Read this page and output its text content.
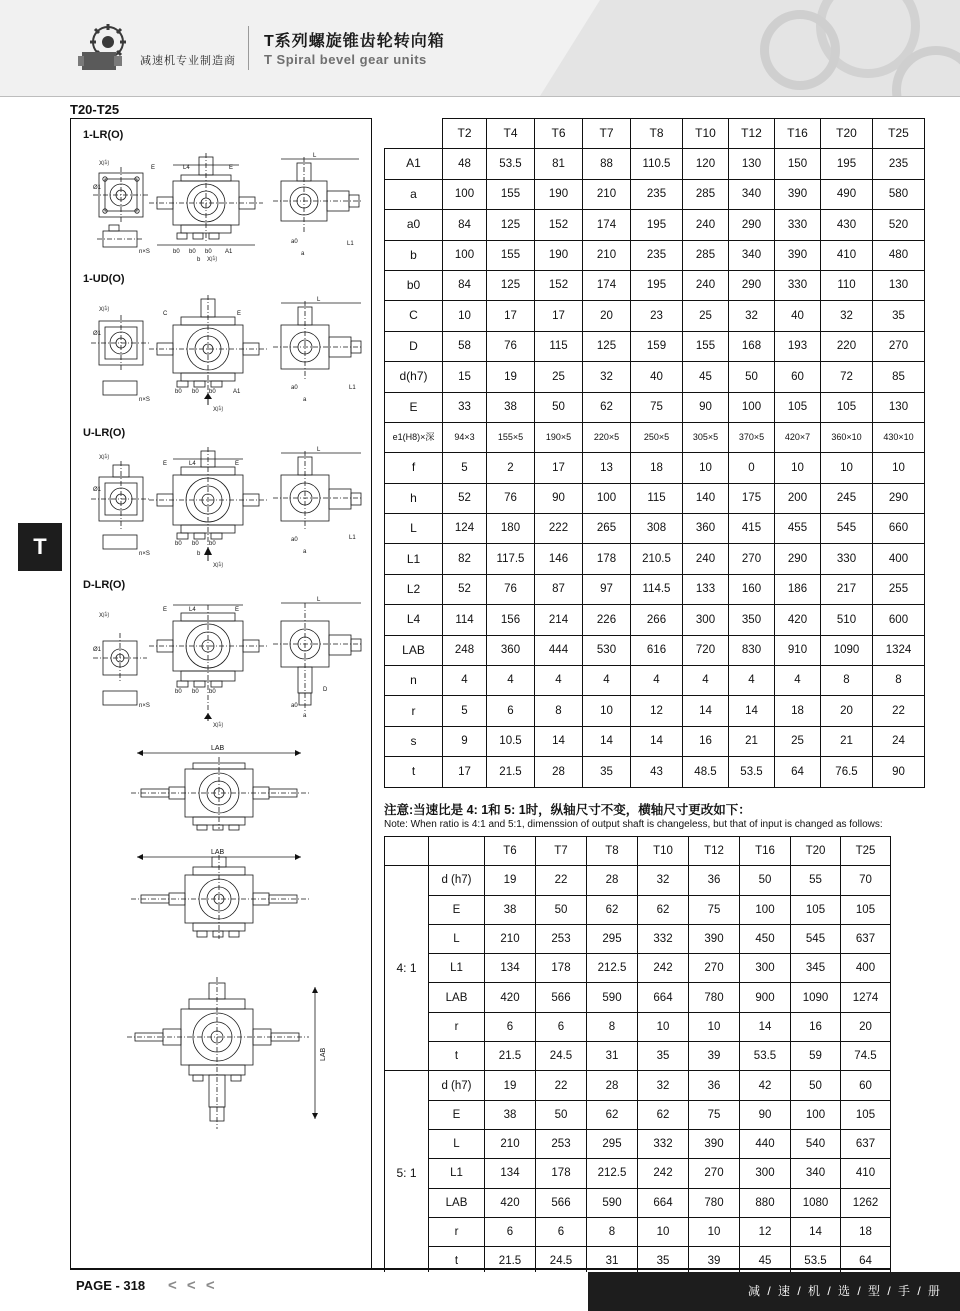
减速机专业制造商
T系列螺旋锥齿轮转向箱
T Spiral bevel gear units
T
T20-T25
1-LR(O)
X向
E	L4	E
L
b0 b0 b0 A1
b
n×S
Ø1
a0
a
L1
X向
1-UD(O)
X向
C	E
L
b0 b0 b0	A1
n×S
Ø1
a0
a
L1
X向
U-LR(O)
X向
E	L4	E
L
b0 b0 b0
b
n×S
Ø1
a0
a
L1
X向
D-LR(O)
X向
E	L4	E
L
b0 b0 b0
n×S
Ø1
D
a0
a
X向
LAB
LAB
LAB
	T2	T4	T6	T7	T8	T10	T12	T16	T20	T25
A1	48	53.5	81	88	110.5	120	130	150	195	235
a	100	155	190	210	235	285	340	390	490	580
a0	84	125	152	174	195	240	290	330	430	520
b	100	155	190	210	235	285	340	390	410	480
b0	84	125	152	174	195	240	290	330	110	130
C	10	17	17	20	23	25	32	40	32	35
D	58	76	115	125	159	155	168	193	220	270
d(h7)	15	19	25	32	40	45	50	60	72	85
E	33	38	50	62	75	90	100	105	105	130
e1(H8)×深	94×3	155×5	190×5	220×5	250×5	305×5	370×5	420×7	360×10	430×10
f	5	2	17	13	18	10	0	10	10	10
h	52	76	90	100	115	140	175	200	245	290
L	124	180	222	265	308	360	415	455	545	660
L1	82	117.5	146	178	210.5	240	270	290	330	400
L2	52	76	87	97	114.5	133	160	186	217	255
L4	114	156	214	226	266	300	350	420	510	600
LAB	248	360	444	530	616	720	830	910	1090	1324
n	4	4	4	4	4	4	4	4	8	8
r	5	6	8	10	12	14	14	18	20	22
s	9	10.5	14	14	14	16	21	25	21	24
t	17	21.5	28	35	43	48.5	53.5	64	76.5	90
注意:当速比是 4: 1和 5: 1时，纵轴尺寸不变，横轴尺寸更改如下：
Note: When ratio is 4:1 and 5:1, dimenssion of output shaft is changeless, but that of input is changed as follows:
		T6	T7	T8	T10	T12	T16	T20	T25
4: 1	d (h7)	19	22	28	32	36	50	55	70
	E	38	50	62	62	75	100	105	105
	L	210	253	295	332	390	450	545	637
	L1	134	178	212.5	242	270	300	345	400
	LAB	420	566	590	664	780	900	1090	1274
	r	6	6	8	10	10	14	16	20
	t	21.5	24.5	31	35	39	53.5	59	74.5
5: 1	d (h7)	19	22	28	32	36	42	50	60
	E	38	50	62	62	75	90	100	105
	L	210	253	295	332	390	440	540	637
	L1	134	178	212.5	242	270	300	340	410
	LAB	420	566	590	664	780	880	1080	1262
	r	6	6	8	10	10	12	14	18
	t	21.5	24.5	31	35	39	45	53.5	64
PAGE - 318 < < <	减 / 速 / 机 / 选 / 型 / 手 / 册
